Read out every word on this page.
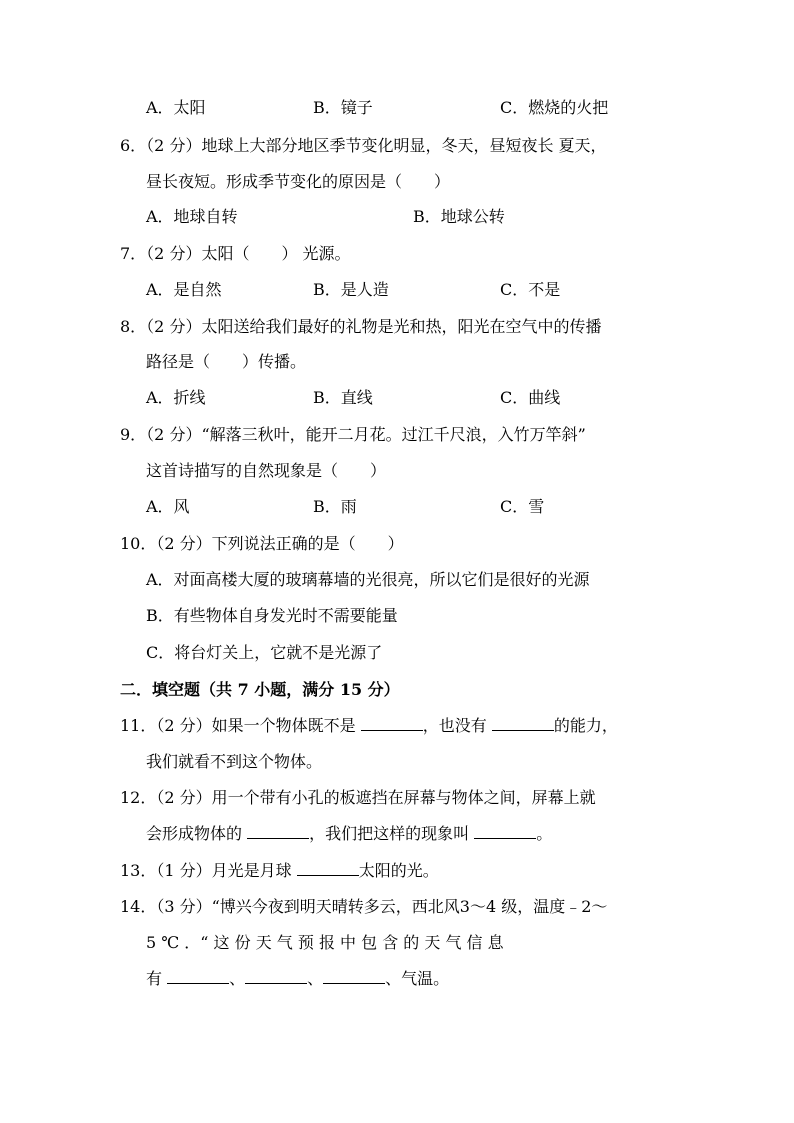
A．太阳	B．镜子	C．燃烧的火把
6．（2 分）地球上大部分地区季节变化明显，冬天，昼短夜长 夏天，
昼长夜短。形成季节变化的原因是（　　）
A．地球自转	B．地球公转
7．（2 分）太阳（　　） 光源。
A．是自然	B．是人造	C．不是
8．（2 分）太阳送给我们最好的礼物是光和热，阳光在空气中的传播
路径是（　　）传播。
A．折线	B．直线	C．曲线
9．（2 分）“解落三秋叶，能开二月花。过江千尺浪，入竹万竿斜”
这首诗描写的自然现象是（　　）
A．风	B．雨	C．雪
10．（2 分）下列说法正确的是（　　）
A．对面高楼大厦的玻璃幕墙的光很亮，所以它们是很好的光源
B．有些物体自身发光时不需要能量
C．将台灯关上，它就不是光源了
二．填空题（共 7 小题，满分 15 分）
11．（2 分）如果一个物体既不是	，也没有	的能力，
我们就看不到这个物体。
12．（2 分）用一个带有小孔的板遮挡在屏幕与物体之间，屏幕上就
会形成物体的	，我们把这样的现象叫	。
13．（1 分）月光是月球	太阳的光。
14．（3 分）“博兴今夜到明天晴转多云，西北风3～4 级，温度﹣2～
5 ℃ ．“ 这 份 天 气 预 报 中 包 含 的 天 气 信 息
有	、	、	、气温。
